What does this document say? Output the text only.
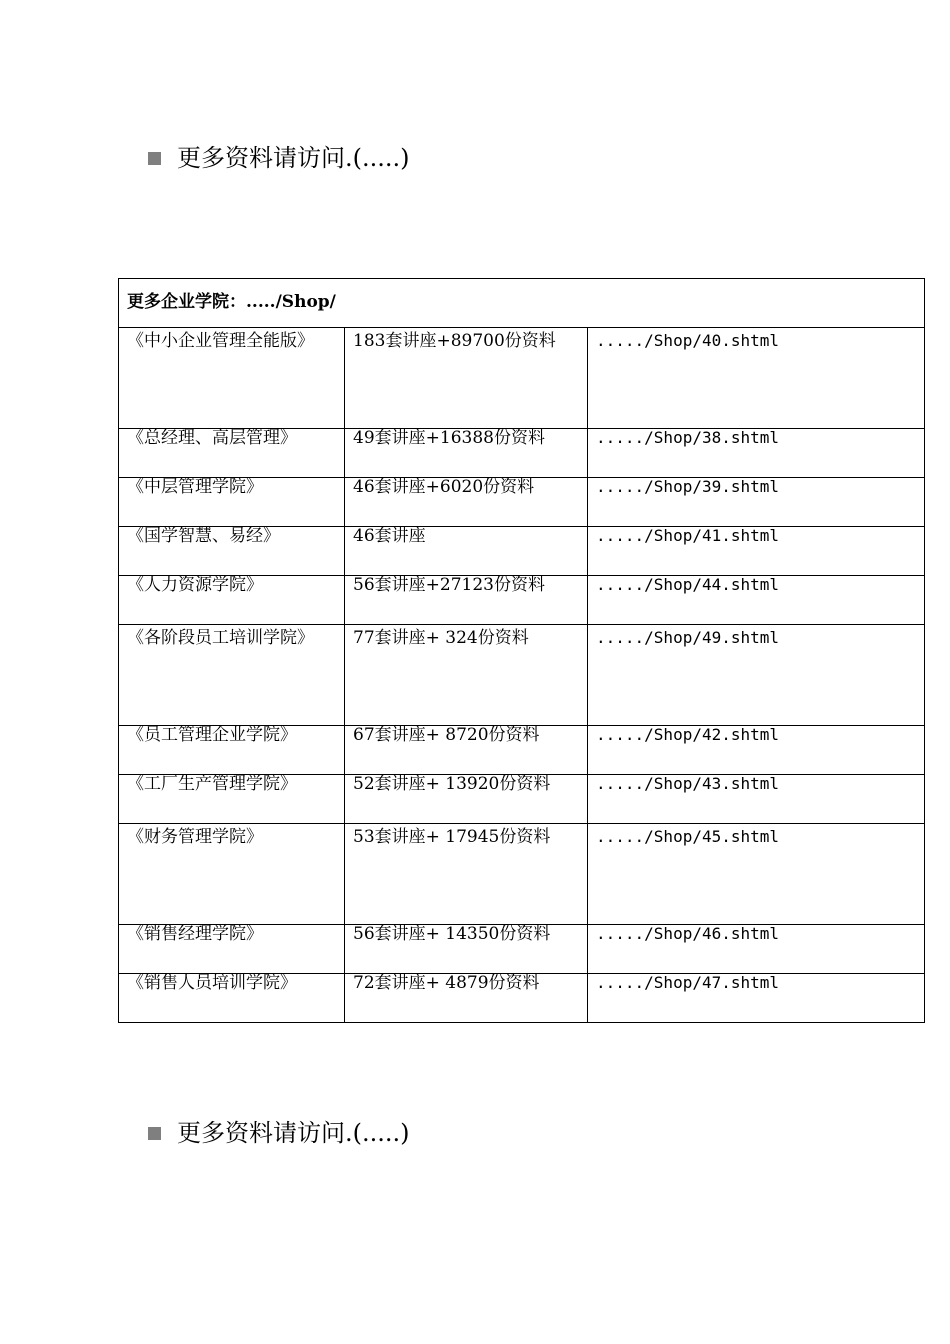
更多资料请访问.(.....)
更多企业学院：...../Shop/		

《中小企业管理全能版》	183套讲座+89700份资料	...../Shop/40.shtml

《总经理、高层管理》	49套讲座+16388份资料	...../Shop/38.shtml

《中层管理学院》	46套讲座+6020份资料	...../Shop/39.shtml

《国学智慧、易经》	46套讲座	...../Shop/41.shtml

《人力资源学院》	56套讲座+27123份资料	...../Shop/44.shtml

《各阶段员工培训学院》	77套讲座+ 324份资料	...../Shop/49.shtml

《员工管理企业学院》	67套讲座+ 8720份资料	...../Shop/42.shtml

《工厂生产管理学院》	52套讲座+ 13920份资料	...../Shop/43.shtml

《财务管理学院》	53套讲座+ 17945份资料	...../Shop/45.shtml

《销售经理学院》	56套讲座+ 14350份资料	...../Shop/46.shtml

《销售人员培训学院》	72套讲座+ 4879份资料	...../Shop/47.shtml
更多资料请访问.(.....)
